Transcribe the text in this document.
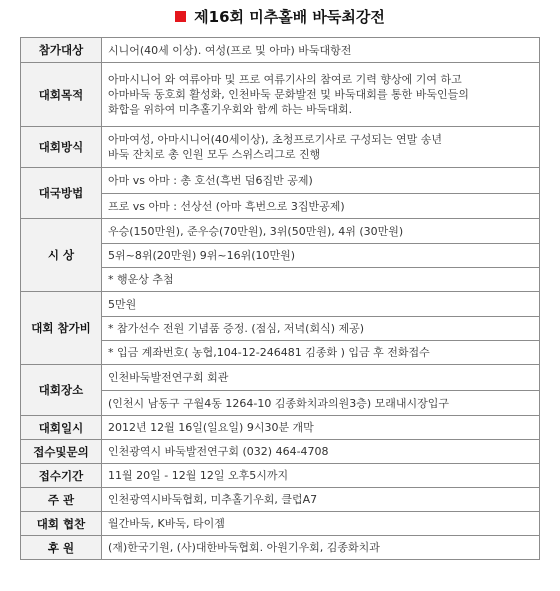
제16회 미추홀배 바둑최강전
참가대상	시니어(40세 이상). 여성(프로 및 아마) 바둑대항전

대회목적	아마시니어 와 여류아마 및 프로 여류기사의 참여로 기력 향상에 기여 하고
아마바둑 동호회 활성화, 인천바둑 문화발전 및 바둑대회를 통한 바둑인들의
화합을 위하여 미추홀기우회와 함께 하는 바둑대회.

대회방식	아마여성, 아마시니어(40세이상), 초청프로기사로 구성되는 연말 송년
바둑 잔치로 총 인원 모두 스위스리그로 진행

대국방법	아마 vs 아마 : 총 호선(흑번 덤6집반 공제)
프로 vs 아마 : 선상선 (아마 흑번으로 3집반공제)

시 상	우승(150만원), 준우승(70만원), 3위(50만원), 4위 (30만원)
5위~8위(20만원) 9위~16위(10만원)
* 행운상 추첨

대회 참가비	5만원
* 참가선수 전원 기념품 증정. (점심, 저녁(회식) 제공)
* 입금 계좌번호( 농협,104-12-246481 김종화 ) 입금 후 전화접수

대회장소	인천바둑발전연구회 회관
(인천시 남동구 구월4동 1264-10 김종화치과의원3층) 모래내시장입구

대회일시	2012년 12월 16일(일요일) 9시30분 개막

접수및문의	인천광역시 바둑발전연구회 (032) 464-4708

접수기간	11월 20일 - 12월 12일 오후5시까지

주 관	인천광역시바둑협회, 미추홀기우회, 클럽A7

대회 협찬	월간바둑, K바둑, 타이젬

후 원	(재)한국기원, (사)대한바둑협회. 아원기우회, 김종화치과
